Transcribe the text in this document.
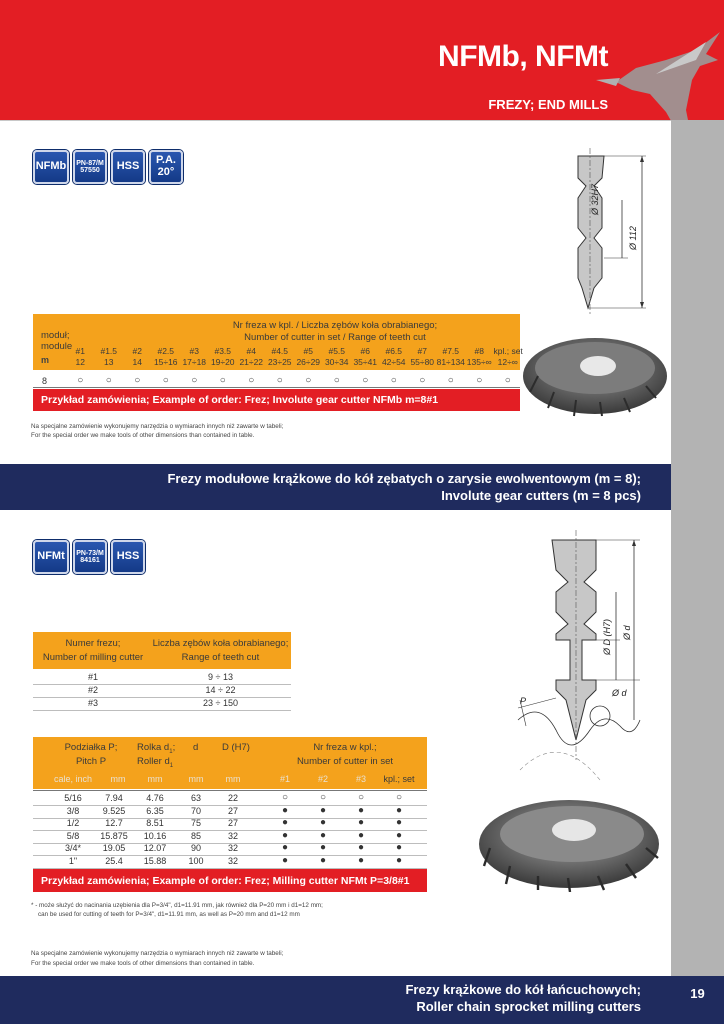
NFMb, NFMt
FREZY; END MILLS
NFMb PN-87/M
57550 HSS P.A.
20°
Ø 32H7
Ø 112
moduł;
module
m
Nr freza w kpl. / Liczba zębów koła obrabianego;
Number of cutter in set / Range of teeth cut
#1	#1.5	#2	#2.5	#3	#3.5	#4	#4.5	#5	#5.5	#6	#6.5	#7	#7.5	#8	kpl.; set
12	13	14	15÷16 17÷18 19÷20 21÷22 23÷25 26÷29 30÷34 35÷41 42÷54 55÷80 81÷134 135÷∞ 12÷∞
8	○	○	○	○	○	○	○	○	○	○	○	○	○	○	○	○
Przykład zamówienia; Example of order: Frez; Involute gear cutter NFMb m=8#1
Na specjalne zamówienie wykonujemy narzędzia o wymiarach innych niż zawarte w tabeli;
For the special order we make tools of other dimensions than contained in table.
Frezy modułowe krążkowe do kół zębatych o zarysie ewolwentowym (m = 8);
Involute gear cutters (m = 8 pcs)
NFMt PN-73/M
84161 HSS
Ø D (H7) Ø d
P
Ø d
Numer frezu;
Number of milling cutter
Liczba zębów koła obrabianego;
Range of teeth cut
#1	9 ÷ 13
#2	14 ÷ 22
#3	23 ÷ 150
Podziałka P;
Pitch P
Rolka $d_1$;
Roller $d_1$
d D (H7)	Nr freza w kpl.;
Number of cutter in set
cale, inch	mm	mm	mm	mm	#1	#2	#3	kpl.; set
5/16	7.94	4.76	63	22	○	○	○	○
3/8	9.525	6.35	70	27	●	●	●	●
1/2	12.7	8.51	75	27	●	●	●	●
5/8	15.875	10.16	85	32	●	●	●	●
3/4*	19.05	12.07	90	32	●	●	●	●
1"	25.4	15.88	100	32	●	●	●	●
Przykład zamówienia; Example of order: Frez; Milling cutter NFMt P=3/8#1
* - może służyć do nacinania uzębienia dla P=3/4", d1=11.91 mm, jak również dla P=20 mm i d1=12 mm;
can be used for cutting of teeth for P=3/4", d1=11.91 mm, as well as P=20 mm and d1=12 mm
Na specjalne zamówienie wykonujemy narzędzia o wymiarach innych niż zawarte w tabeli;
For the special order we make tools of other dimensions than contained in table.
Frezy krążkowe do kół łańcuchowych;
Roller chain sprocket milling cutters
19
